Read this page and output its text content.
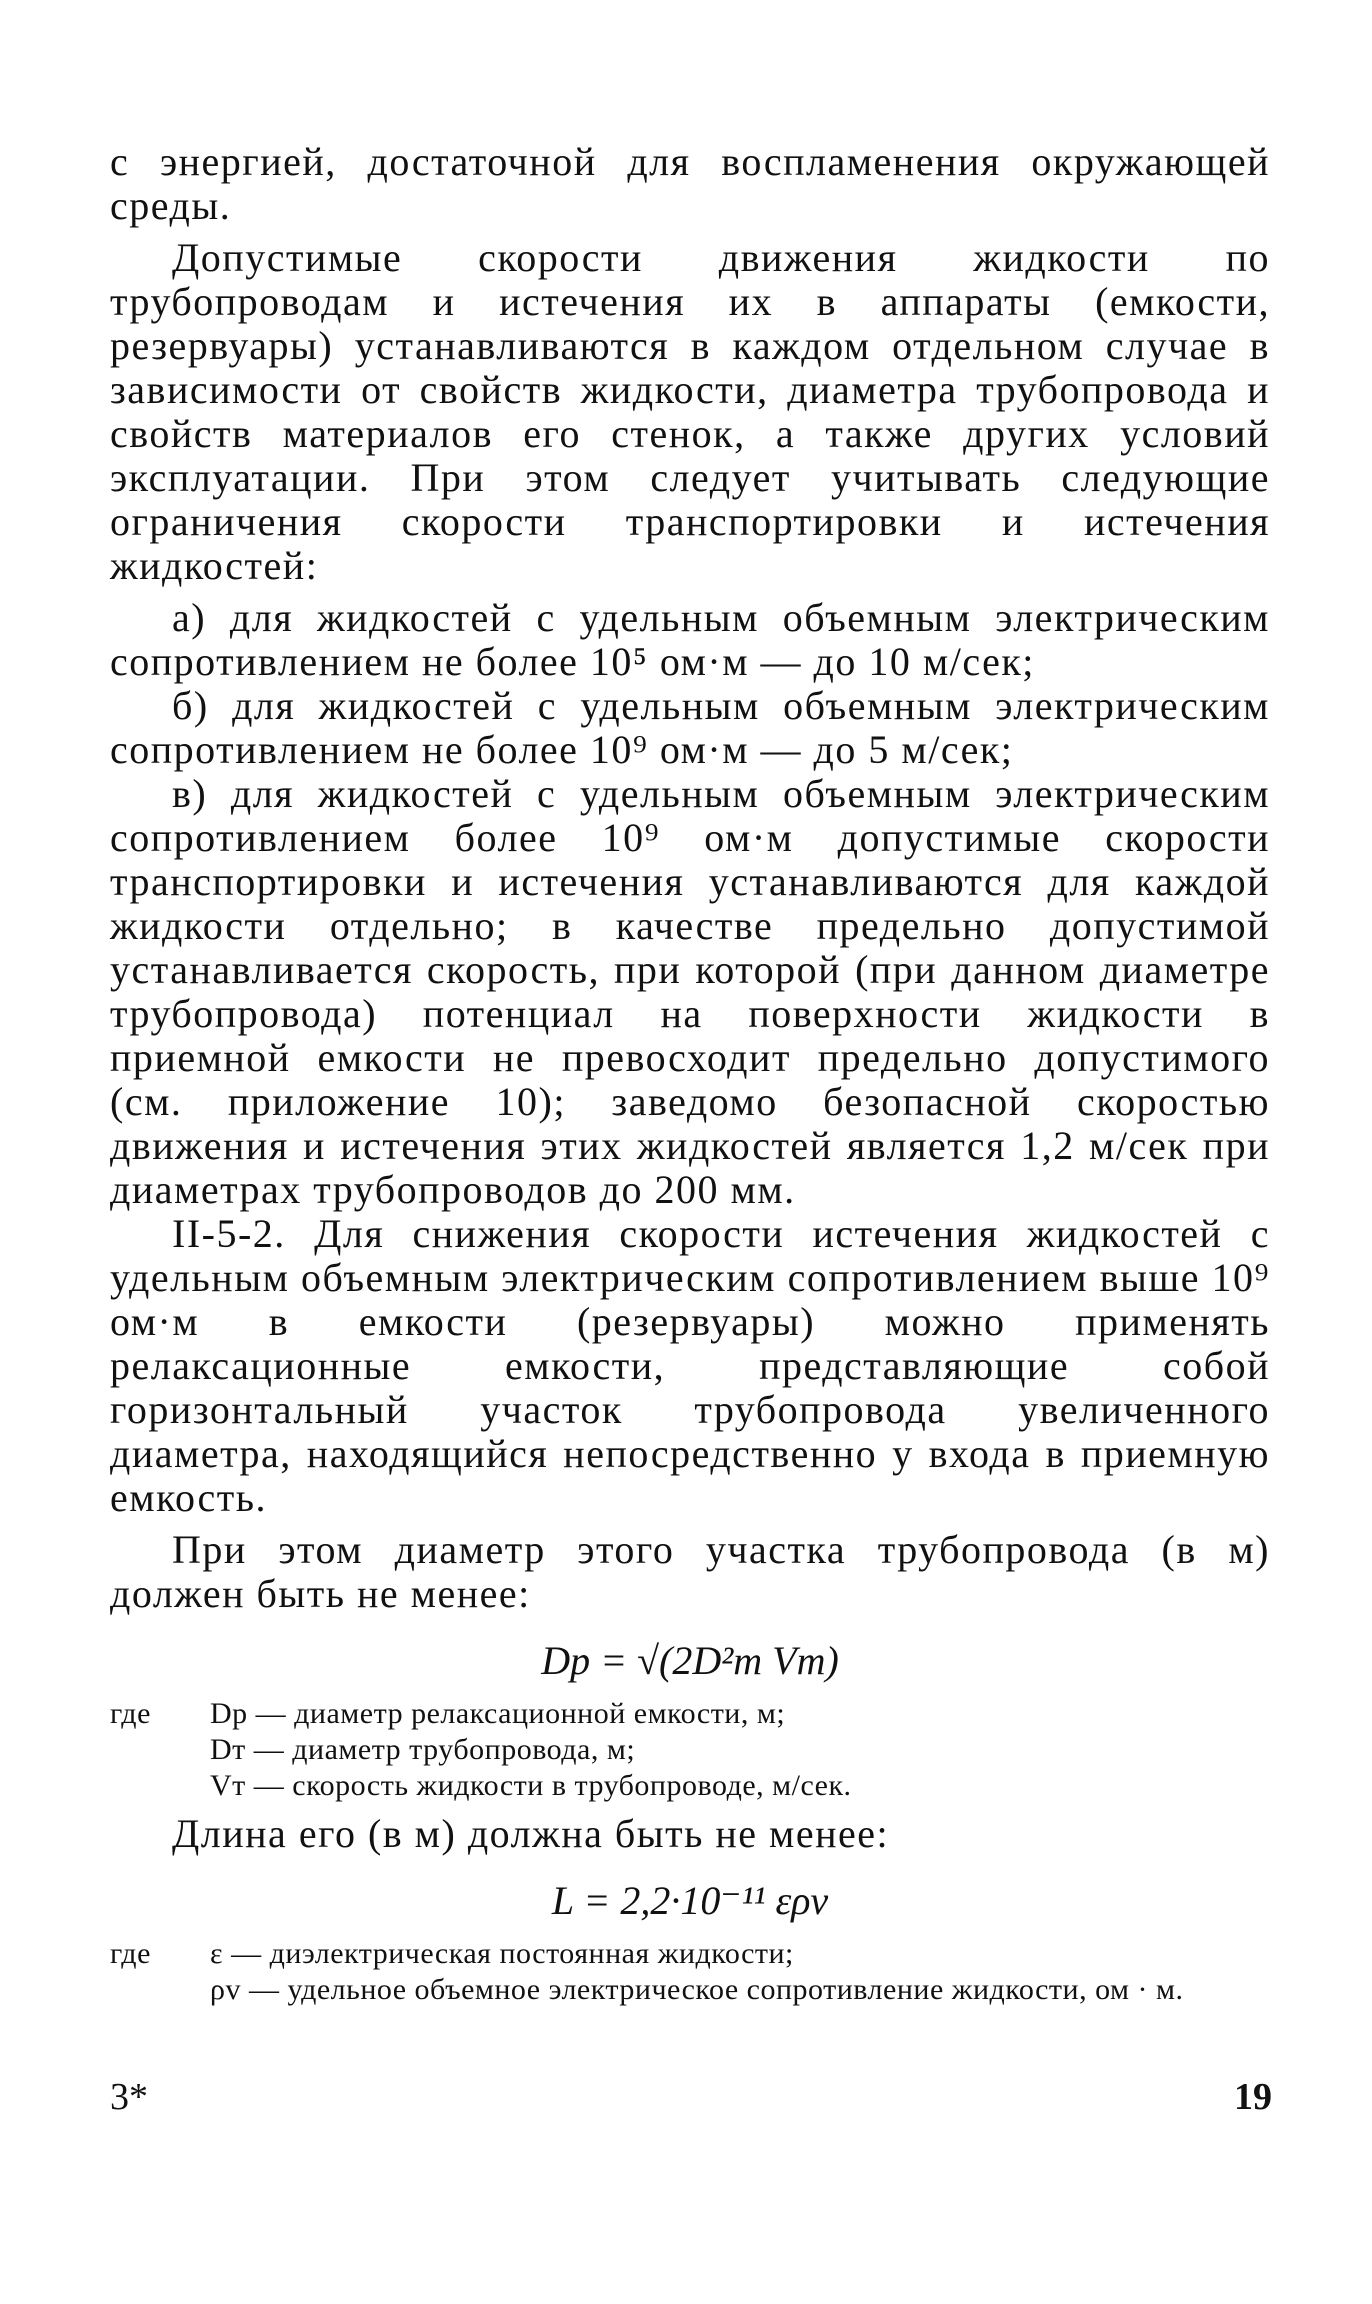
с энергией, достаточной для воспламенения окружающей среды.

Допустимые скорости движения жидкости по трубопроводам и истечения их в аппараты (емкости, резервуары) устанавливаются в каждом отдельном случае в зависимости от свойств жидкости, диаметра трубопровода и свойств материалов его стенок, а также других условий эксплуатации. При этом следует учитывать следующие ограничения скорости транспортировки и истечения жидкостей:

а) для жидкостей с удельным объемным электрическим сопротивлением не более 10⁵ ом·м — до 10 м/сек;

б) для жидкостей с удельным объемным электрическим сопротивлением не более 10⁹ ом·м — до 5 м/сек;

в) для жидкостей с удельным объемным электрическим сопротивлением более 10⁹ ом·м допустимые скорости транспортировки и истечения устанавливаются для каждой жидкости отдельно; в качестве предельно допустимой устанавливается скорость, при которой (при данном диаметре трубопровода) потенциал на поверхности жидкости в приемной емкости не превосходит предельно допустимого (см. приложение 10); заведомо безопасной скоростью движения и истечения этих жидкостей является 1,2 м/сек при диаметрах трубопроводов до 200 мм.

II-5-2. Для снижения скорости истечения жидкостей с удельным объемным электрическим сопротивлением выше 10⁹ ом·м в емкости (резервуары) можно применять релаксационные емкости, представляющие собой горизонтальный участок трубопровода увеличенного диаметра, находящийся непосредственно у входа в приемную емкость.

При этом диаметр этого участка трубопровода (в м) должен быть не менее:

Dр = √(2D²т Vт)
где	Dр — диаметр релаксационной емкости, м;
Dт — диаметр трубопровода, м;
Vт — скорость жидкости в трубопроводе, м/сек.

Длина его (в м) должна быть не менее:

L = 2,2·10⁻¹¹ ερv
где	ε — диэлектрическая постоянная жидкости;
ρv — удельное объемное электрическое сопротивление жидкости, ом · м.
3*	19
